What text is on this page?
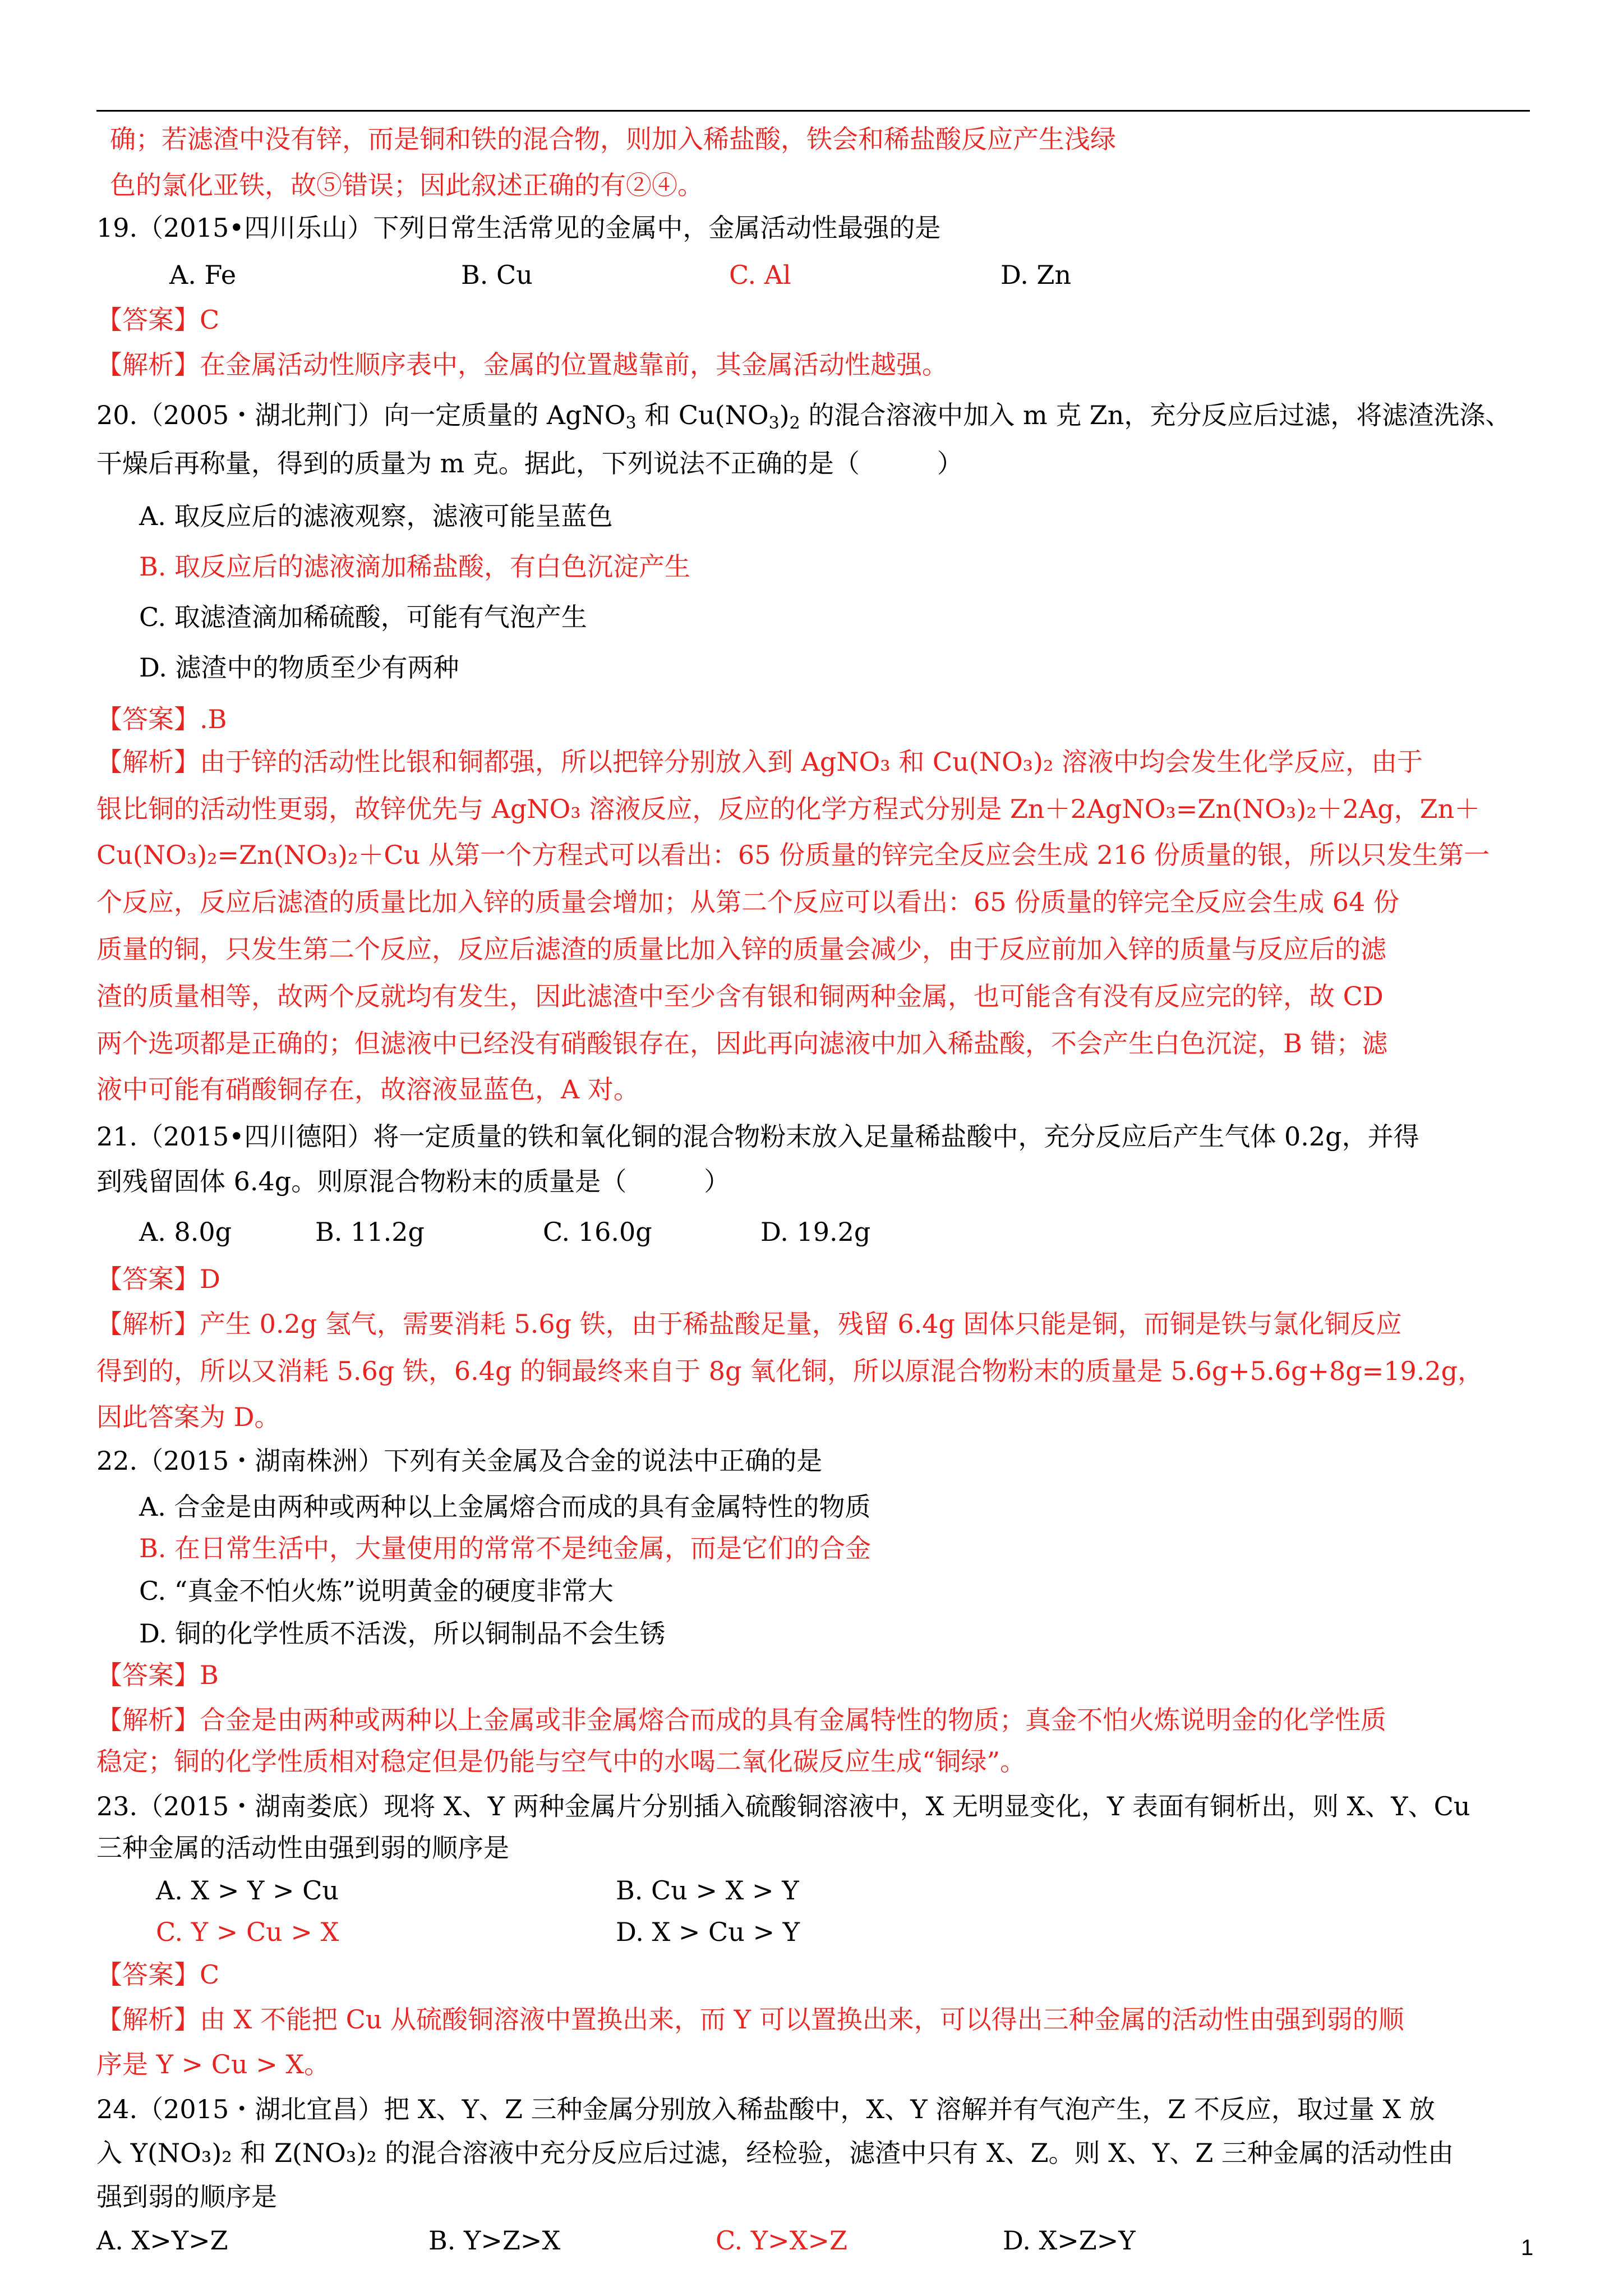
确；若滤渣中没有锌，而是铜和铁的混合物，则加入稀盐酸，铁会和稀盐酸反应产生浅绿
色的氯化亚铁，故⑤错误；因此叙述正确的有②④。
19.（2015•四川乐山）下列日常生活常见的金属中，金属活动性最强的是
A. Fe	B. Cu	C. Al	D. Zn
【答案】C
【解析】在金属活动性顺序表中，金属的位置越靠前，其金属活动性越强。
20.（2005・湖北荆门）向一定质量的 AgNO$_3$ 和 $Cu(NO_3)_2$ 的混合溶液中加入 m 克 Zn，充分反应后过滤，将滤渣洗涤、
干燥后再称量，得到的质量为 m 克。据此，下列说法不正确的是（　　　）
A. 取反应后的滤液观察，滤液可能呈蓝色
B. 取反应后的滤液滴加稀盐酸，有白色沉淀产生
C. 取滤渣滴加稀硫酸，可能有气泡产生
D. 滤渣中的物质至少有两种
【答案】.B
【解析】由于锌的活动性比银和铜都强，所以把锌分别放入到 AgNO₃ 和 Cu(NO₃)₂ 溶液中均会发生化学反应，由于
银比铜的活动性更弱，故锌优先与 AgNO₃ 溶液反应，反应的化学方程式分别是 Zn＋2AgNO₃=Zn(NO₃)₂＋2Ag，Zn＋
Cu(NO₃)₂=Zn(NO₃)₂＋Cu 从第一个方程式可以看出：65 份质量的锌完全反应会生成 216 份质量的银，所以只发生第一
个反应，反应后滤渣的质量比加入锌的质量会增加；从第二个反应可以看出：65 份质量的锌完全反应会生成 64 份
质量的铜，只发生第二个反应，反应后滤渣的质量比加入锌的质量会减少，由于反应前加入锌的质量与反应后的滤
渣的质量相等，故两个反就均有发生，因此滤渣中至少含有银和铜两种金属，也可能含有没有反应完的锌，故 CD
两个选项都是正确的；但滤液中已经没有硝酸银存在，因此再向滤液中加入稀盐酸，不会产生白色沉淀，B 错；滤
液中可能有硝酸铜存在，故溶液显蓝色，A 对。
21.（2015•四川德阳）将一定质量的铁和氧化铜的混合物粉末放入足量稀盐酸中，充分反应后产生气体 0.2g，并得
到残留固体 6.4g。则原混合物粉末的质量是（　　　）
A. 8.0g	B. 11.2g	C. 16.0g	D. 19.2g
【答案】D
【解析】产生 0.2g 氢气，需要消耗 5.6g 铁，由于稀盐酸足量，残留 6.4g 固体只能是铜，而铜是铁与氯化铜反应
得到的，所以又消耗 5.6g 铁，6.4g 的铜最终来自于 8g 氧化铜，所以原混合物粉末的质量是 5.6g+5.6g+8g=19.2g，
因此答案为 D。
22.（2015・湖南株洲）下列有关金属及合金的说法中正确的是
A. 合金是由两种或两种以上金属熔合而成的具有金属特性的物质
B. 在日常生活中，大量使用的常常不是纯金属，而是它们的合金
C. “真金不怕火炼”说明黄金的硬度非常大
D. 铜的化学性质不活泼，所以铜制品不会生锈
【答案】B
【解析】合金是由两种或两种以上金属或非金属熔合而成的具有金属特性的物质；真金不怕火炼说明金的化学性质
稳定；铜的化学性质相对稳定但是仍能与空气中的水喝二氧化碳反应生成“铜绿”。
23.（2015・湖南娄底）现将 X、Y 两种金属片分别插入硫酸铜溶液中，X 无明显变化，Y 表面有铜析出，则 X、Y、Cu
三种金属的活动性由强到弱的顺序是
A. X > Y > Cu	B. Cu > X > Y
C. Y > Cu > X	D. X > Cu > Y
【答案】C
【解析】由 X 不能把 Cu 从硫酸铜溶液中置换出来，而 Y 可以置换出来，可以得出三种金属的活动性由强到弱的顺
序是 Y > Cu > X。
24.（2015・湖北宜昌）把 X、Y、Z 三种金属分别放入稀盐酸中，X、Y 溶解并有气泡产生，Z 不反应，取过量 X 放
入 Y(NO₃)₂ 和 Z(NO₃)₂ 的混合溶液中充分反应后过滤，经检验，滤渣中只有 X、Z。则 X、Y、Z 三种金属的活动性由
强到弱的顺序是
A. X>Y>Z	B. Y>Z>X	C. Y>X>Z	D. X>Z>Y	1
